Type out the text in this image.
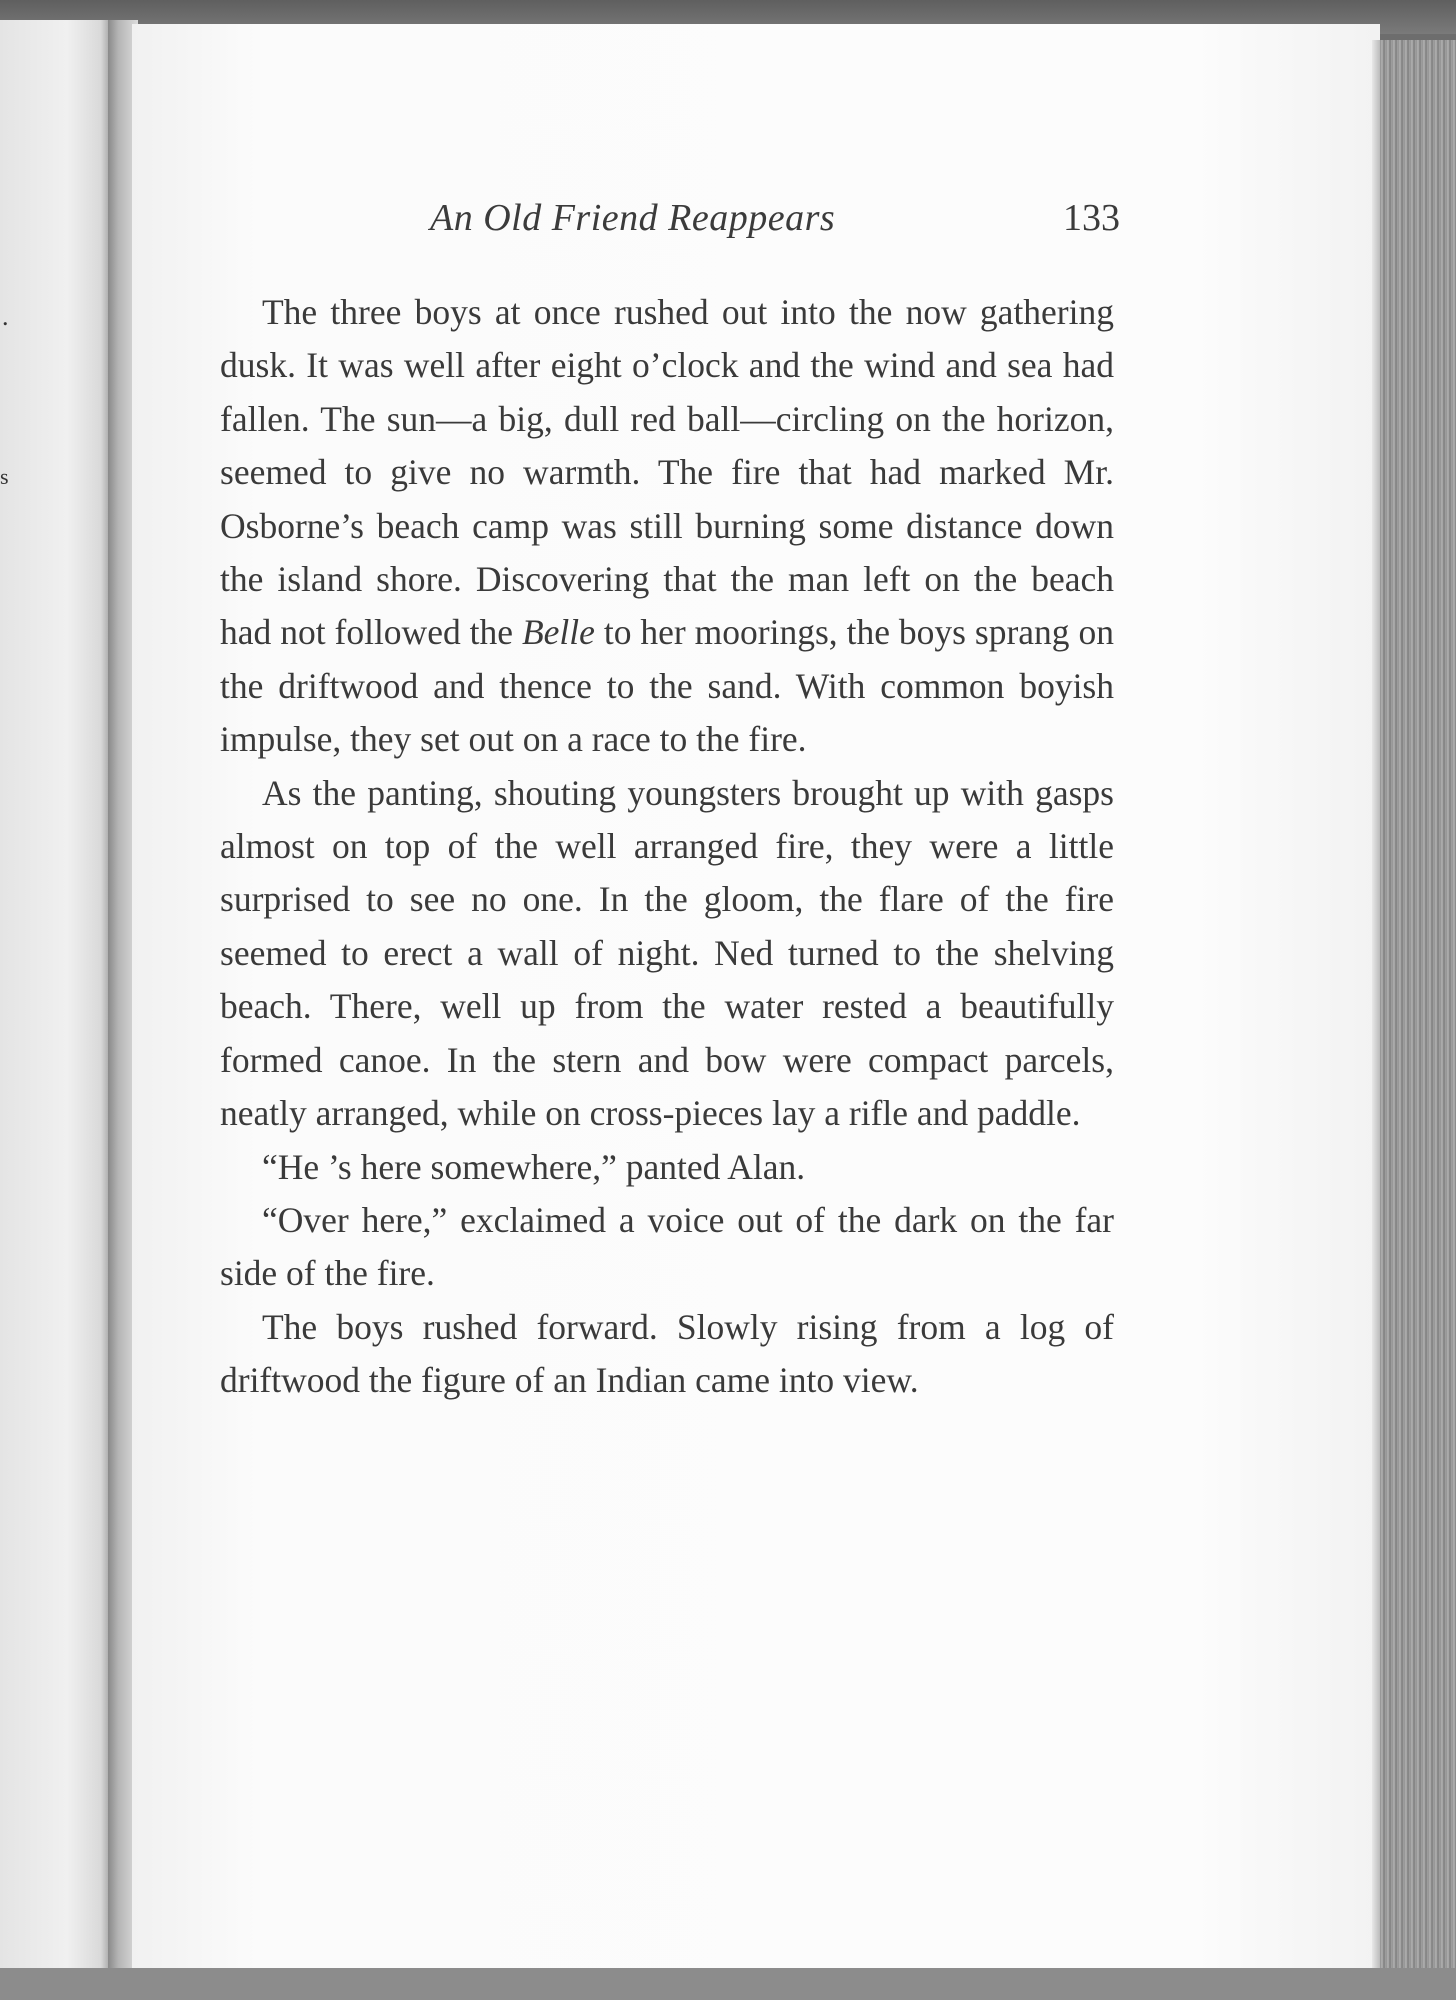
.
s
An Old Friend Reappears	133

The three boys at once rushed out into the now gathering dusk. It was well after eight o’clock and the wind and sea had fallen. The sun—a big, dull red ball—circling on the horizon, seemed to give no warmth. The fire that had marked Mr. Osborne’s beach camp was still burning some distance down the island shore. Discovering that the man left on the beach had not followed the Belle to her moorings, the boys sprang on the driftwood and thence to the sand. With common boyish impulse, they set out on a race to the fire.

As the panting, shouting youngsters brought up with gasps almost on top of the well arranged fire, they were a little surprised to see no one. In the gloom, the flare of the fire seemed to erect a wall of night. Ned turned to the shelving beach. There, well up from the water rested a beautifully formed canoe. In the stern and bow were compact parcels, neatly arranged, while on cross-pieces lay a rifle and paddle.

“He ’s here somewhere,” panted Alan.

“Over here,” exclaimed a voice out of the dark on the far side of the fire.

The boys rushed forward. Slowly rising from a log of driftwood the figure of an Indian came into view.
